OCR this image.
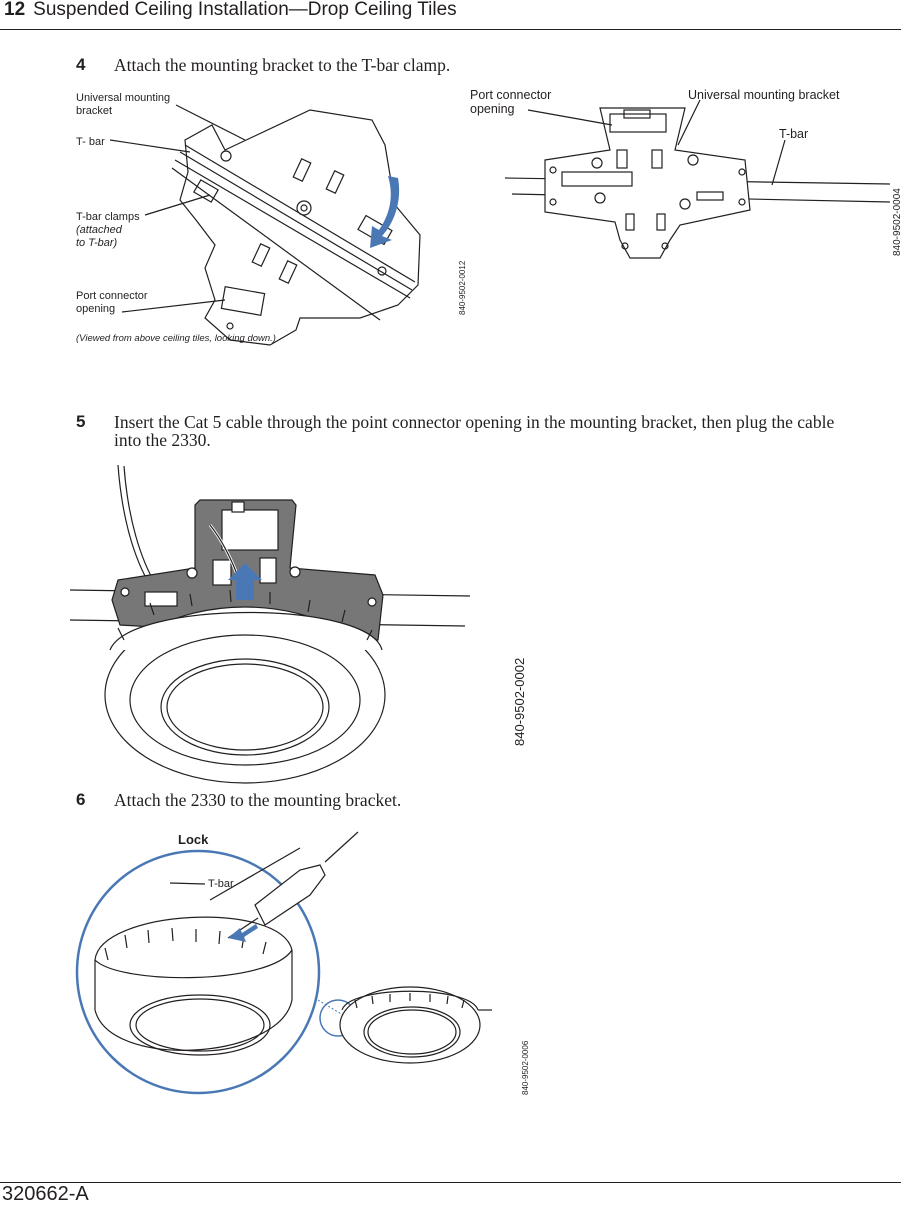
12 Suspended Ceiling Installation—Drop Ceiling Tiles
4 Attach the mounting bracket to the T-bar clamp.
Universal mounting
bracket
T- bar
T-bar clamps
(attached
to T-bar)
Port connector
opening
(Viewed from above ceiling tiles, looking down.)
840-9502-0012
Port connector
opening
Universal mounting bracket
T-bar
840-9502-0004
5 Insert the Cat 5 cable through the point connector opening in the mounting bracket, then plug the cable
into the 2330.
840-9502-0002
6 Attach the 2330 to the mounting bracket.
Lock
T-bar
840-9502-0006
320662-A
